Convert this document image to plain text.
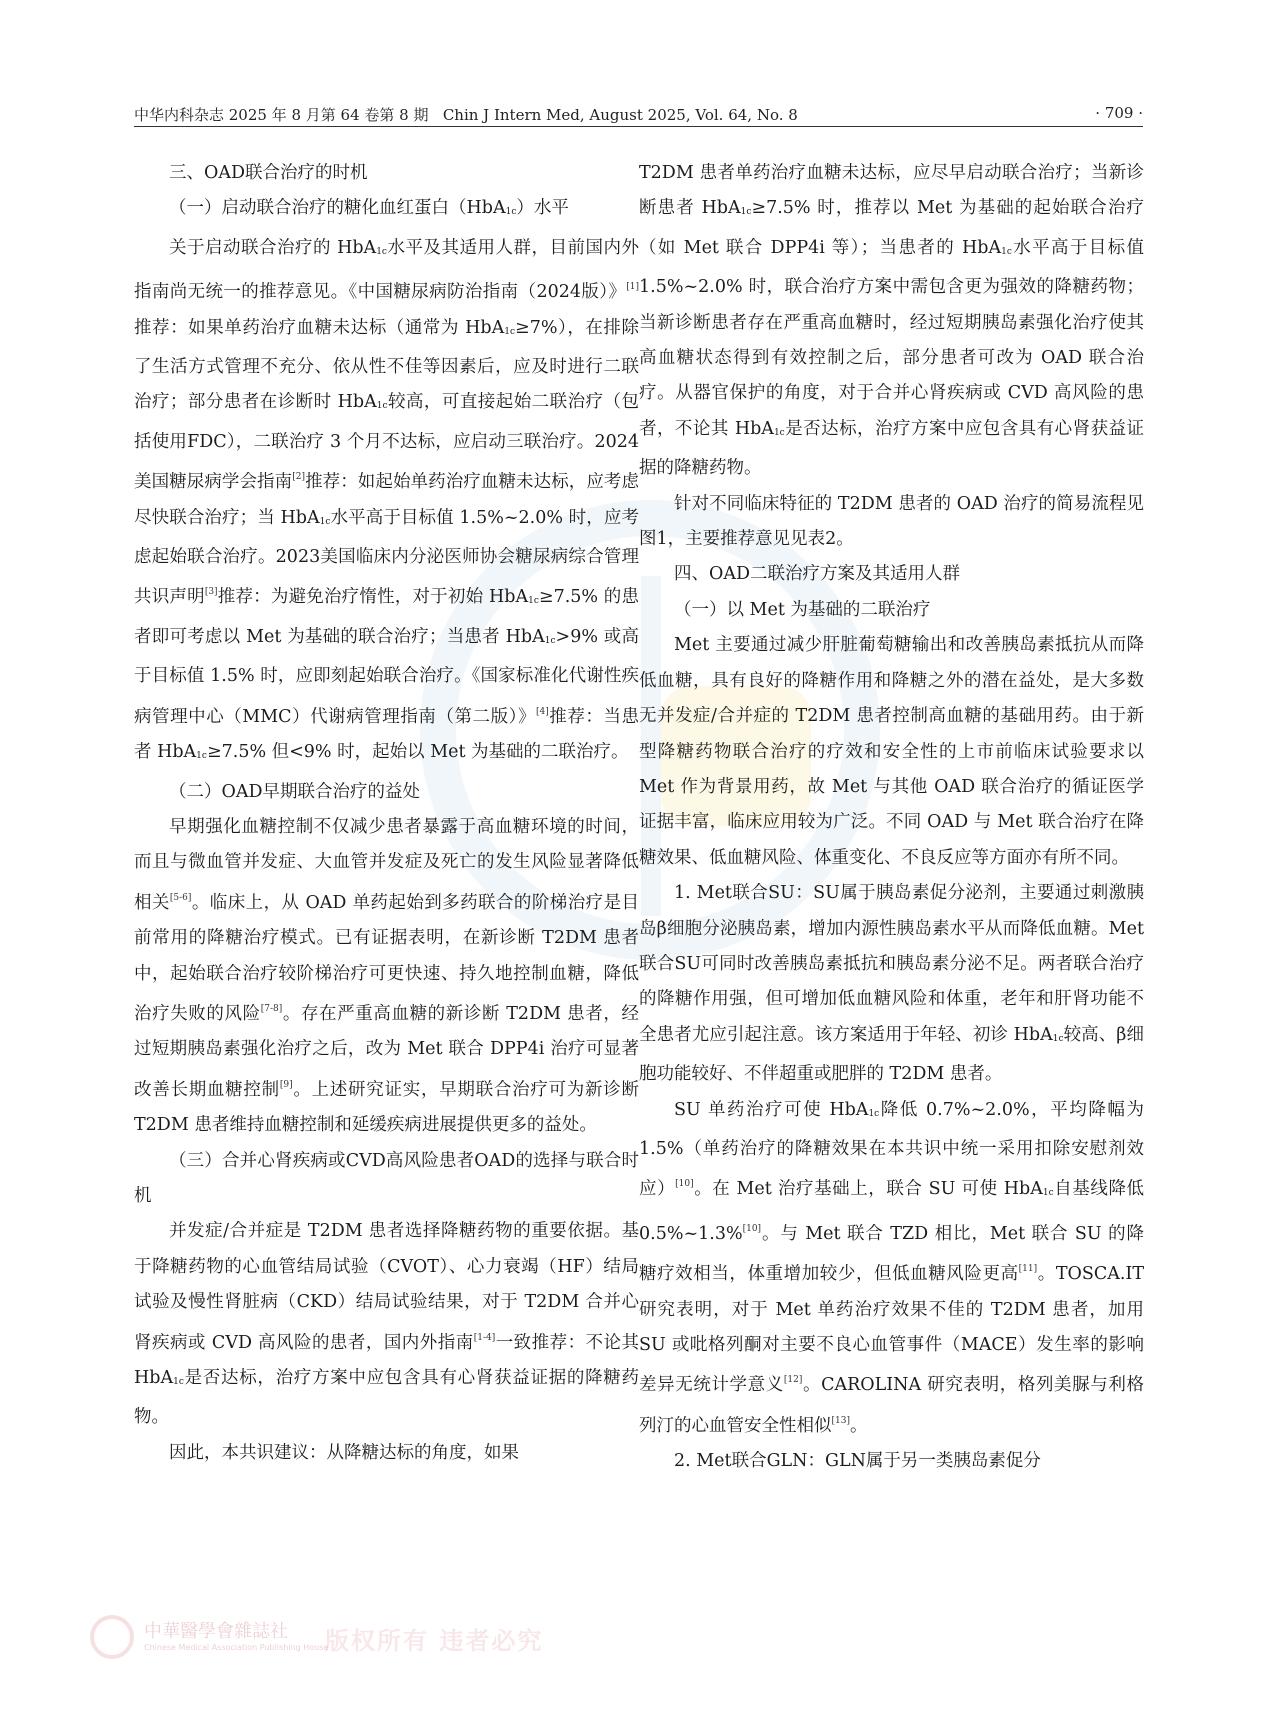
中华内科杂志 2025 年 8 月第 64 卷第 8 期 Chin J Intern Med, August 2025, Vol. 64, No. 8	· 709 ·

三、OAD联合治疗的时机

（一）启动联合治疗的糖化血红蛋白（HbA1c）水平

关于启动联合治疗的 HbA1c水平及其适用人群，目前国内外指南尚无统一的推荐意见。《中国糖尿病防治指南（2024版）》[1]推荐：如果单药治疗血糖未达标（通常为 HbA1c≥7%），在排除了生活方式管理不充分、依从性不佳等因素后，应及时进行二联治疗；部分患者在诊断时 HbA1c较高，可直接起始二联治疗（包括使用FDC），二联治疗 3 个月不达标，应启动三联治疗。2024美国糖尿病学会指南[2]推荐：如起始单药治疗血糖未达标，应考虑尽快联合治疗；当 HbA1c水平高于目标值 1.5%~2.0% 时，应考虑起始联合治疗。2023美国临床内分泌医师协会糖尿病综合管理共识声明[3]推荐：为避免治疗惰性，对于初始 HbA1c≥7.5% 的患者即可考虑以 Met 为基础的联合治疗；当患者 HbA1c>9% 或高于目标值 1.5% 时，应即刻起始联合治疗。《国家标准化代谢性疾病管理中心（MMC）代谢病管理指南（第二版）》[4]推荐：当患者 HbA1c≥7.5% 但<9% 时，起始以 Met 为基础的二联治疗。

（二）OAD早期联合治疗的益处

早期强化血糖控制不仅减少患者暴露于高血糖环境的时间，而且与微血管并发症、大血管并发症及死亡的发生风险显著降低相关[5-6]。临床上，从 OAD 单药起始到多药联合的阶梯治疗是目前常用的降糖治疗模式。已有证据表明，在新诊断 T2DM 患者中，起始联合治疗较阶梯治疗可更快速、持久地控制血糖，降低治疗失败的风险[7-8]。存在严重高血糖的新诊断 T2DM 患者，经过短期胰岛素强化治疗之后，改为 Met 联合 DPP4i 治疗可显著改善长期血糖控制[9]。上述研究证实，早期联合治疗可为新诊断 T2DM 患者维持血糖控制和延缓疾病进展提供更多的益处。

（三）合并心肾疾病或CVD高风险患者OAD的选择与联合时机

并发症/合并症是 T2DM 患者选择降糖药物的重要依据。基于降糖药物的心血管结局试验（CVOT）、心力衰竭（HF）结局试验及慢性肾脏病（CKD）结局试验结果，对于 T2DM 合并心肾疾病或 CVD 高风险的患者，国内外指南[1-4]一致推荐：不论其 HbA1c是否达标，治疗方案中应包含具有心肾获益证据的降糖药物。

因此，本共识建议：从降糖达标的角度，如果

T2DM 患者单药治疗血糖未达标，应尽早启动联合治疗；当新诊断患者 HbA1c≥7.5% 时，推荐以 Met 为基础的起始联合治疗（如 Met 联合 DPP4i 等）；当患者的 HbA1c水平高于目标值 1.5%~2.0% 时，联合治疗方案中需包含更为强效的降糖药物；当新诊断患者存在严重高血糖时，经过短期胰岛素强化治疗使其高血糖状态得到有效控制之后，部分患者可改为 OAD 联合治疗。从器官保护的角度，对于合并心肾疾病或 CVD 高风险的患者，不论其 HbA1c是否达标，治疗方案中应包含具有心肾获益证据的降糖药物。

针对不同临床特征的 T2DM 患者的 OAD 治疗的简易流程见图1，主要推荐意见见表2。

四、OAD二联治疗方案及其适用人群

（一）以 Met 为基础的二联治疗

Met 主要通过减少肝脏葡萄糖输出和改善胰岛素抵抗从而降低血糖，具有良好的降糖作用和降糖之外的潜在益处，是大多数无并发症/合并症的 T2DM 患者控制高血糖的基础用药。由于新型降糖药物联合治疗的疗效和安全性的上市前临床试验要求以 Met 作为背景用药，故 Met 与其他 OAD 联合治疗的循证医学证据丰富，临床应用较为广泛。不同 OAD 与 Met 联合治疗在降糖效果、低血糖风险、体重变化、不良反应等方面亦有所不同。

1. Met联合SU：SU属于胰岛素促分泌剂，主要通过刺激胰岛β细胞分泌胰岛素，增加内源性胰岛素水平从而降低血糖。Met联合SU可同时改善胰岛素抵抗和胰岛素分泌不足。两者联合治疗的降糖作用强，但可增加低血糖风险和体重，老年和肝肾功能不全患者尤应引起注意。该方案适用于年轻、初诊 HbA1c较高、β细胞功能较好、不伴超重或肥胖的 T2DM 患者。

SU 单药治疗可使 HbA1c降低 0.7%~2.0%，平均降幅为 1.5%（单药治疗的降糖效果在本共识中统一采用扣除安慰剂效应）[10]。在 Met 治疗基础上，联合 SU 可使 HbA1c自基线降低 0.5%~1.3%[10]。与 Met 联合 TZD 相比，Met 联合 SU 的降糖疗效相当，体重增加较少，但低血糖风险更高[11]。TOSCA.IT 研究表明，对于 Met 单药治疗效果不佳的 T2DM 患者，加用 SU 或吡格列酮对主要不良心血管事件（MACE）发生率的影响差异无统计学意义[12]。CAROLINA 研究表明，格列美脲与利格列汀的心血管安全性相似[13]。

2. Met联合GLN：GLN属于另一类胰岛素促分

中華醫學會雜誌社
Chinese Medical Association Publishing House
版权所有 违者必究
